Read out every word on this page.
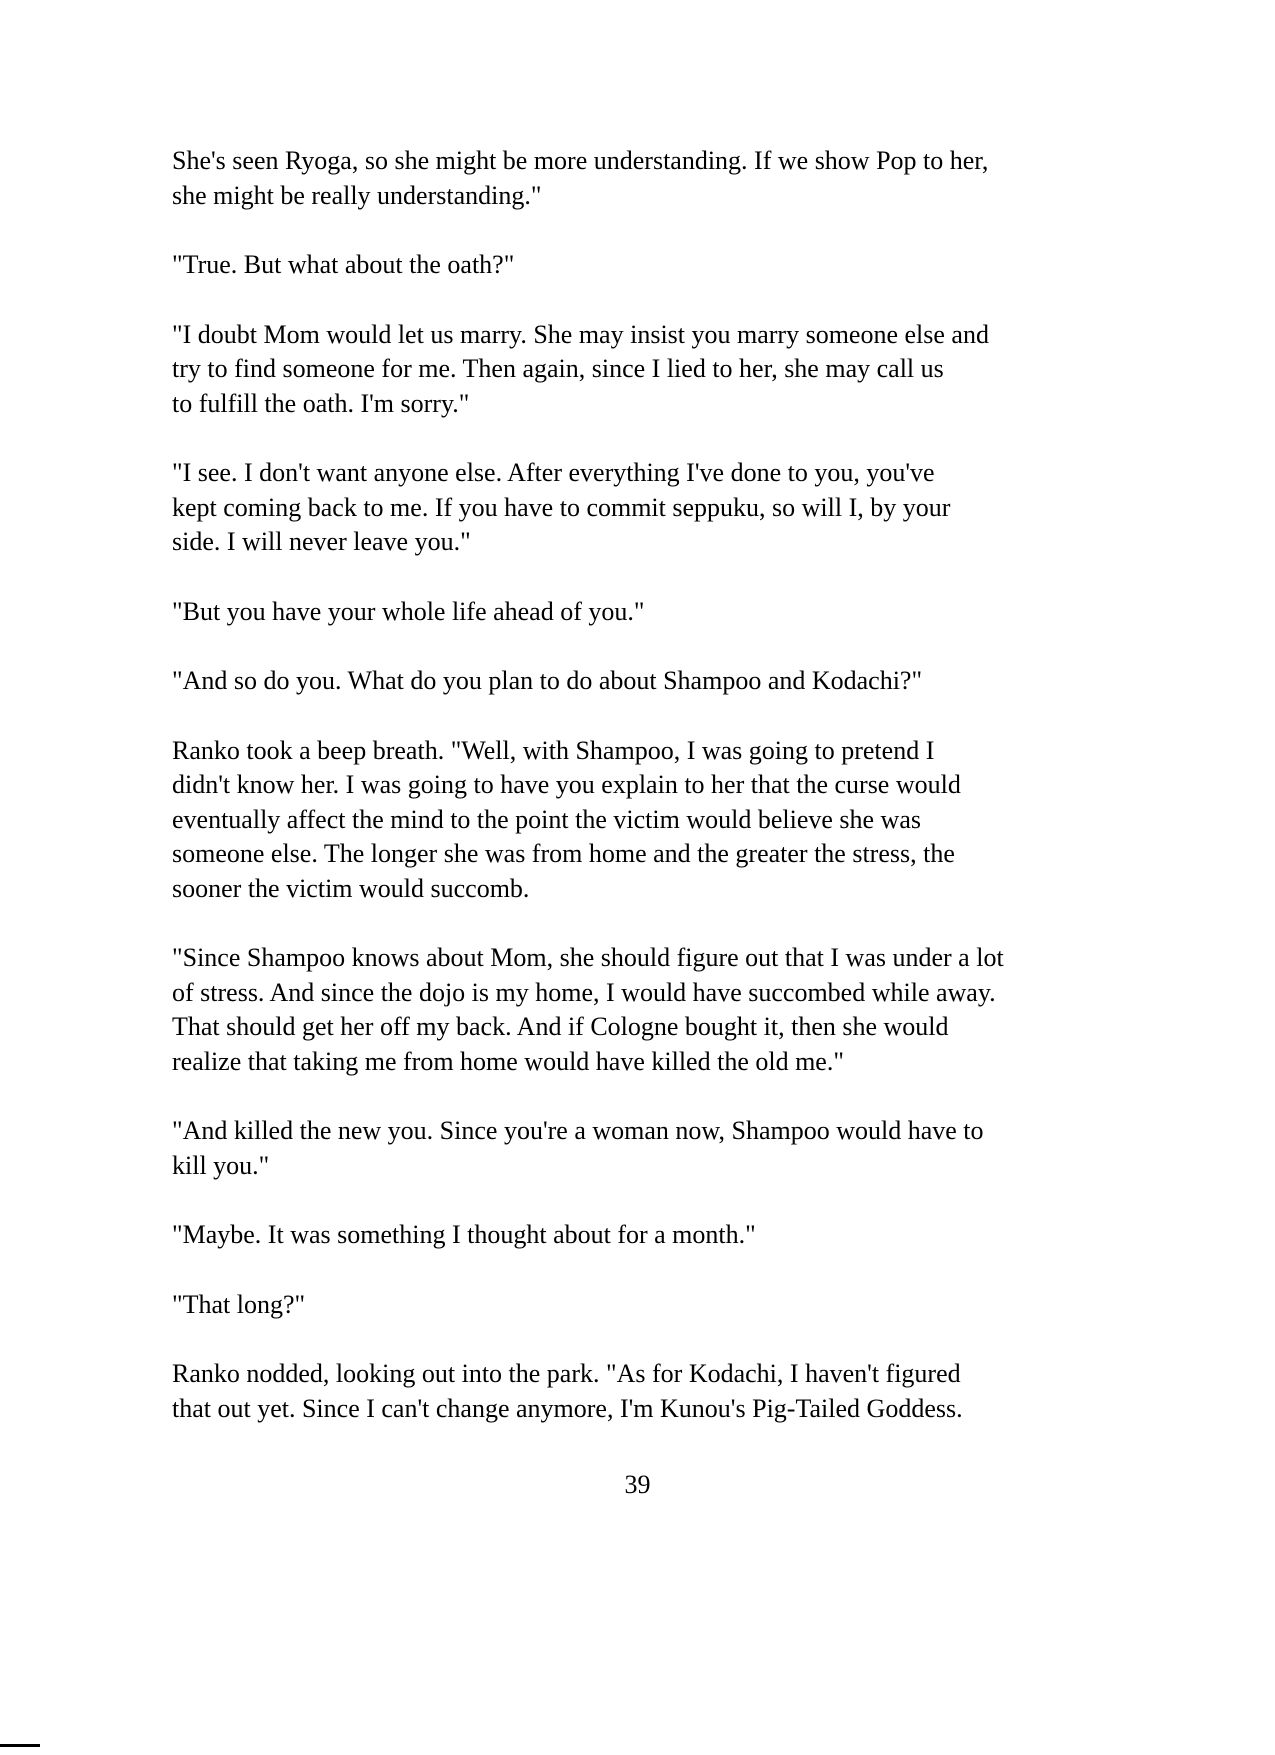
She's seen Ryoga, so she might be more understanding. If we show Pop to her,
she might be really understanding."

"True. But what about the oath?"

"I doubt Mom would let us marry. She may insist you marry someone else and
try to find someone for me. Then again, since I lied to her, she may call us
to fulfill the oath. I'm sorry."

"I see. I don't want anyone else. After everything I've done to you, you've
kept coming back to me. If you have to commit seppuku, so will I, by your
side. I will never leave you."

"But you have your whole life ahead of you."

"And so do you. What do you plan to do about Shampoo and Kodachi?"

Ranko took a beep breath. "Well, with Shampoo, I was going to pretend I
didn't know her. I was going to have you explain to her that the curse would
eventually affect the mind to the point the victim would believe she was
someone else. The longer she was from home and the greater the stress, the
sooner the victim would succomb.

"Since Shampoo knows about Mom, she should figure out that I was under a lot
of stress. And since the dojo is my home, I would have succombed while away.
That should get her off my back. And if Cologne bought it, then she would
realize that taking me from home would have killed the old me."

"And killed the new you. Since you're a woman now, Shampoo would have to
kill you."

"Maybe. It was something I thought about for a month."

"That long?"

Ranko nodded, looking out into the park. "As for Kodachi, I haven't figured
that out yet. Since I can't change anymore, I'm Kunou's Pig-Tailed Goddess.

39
